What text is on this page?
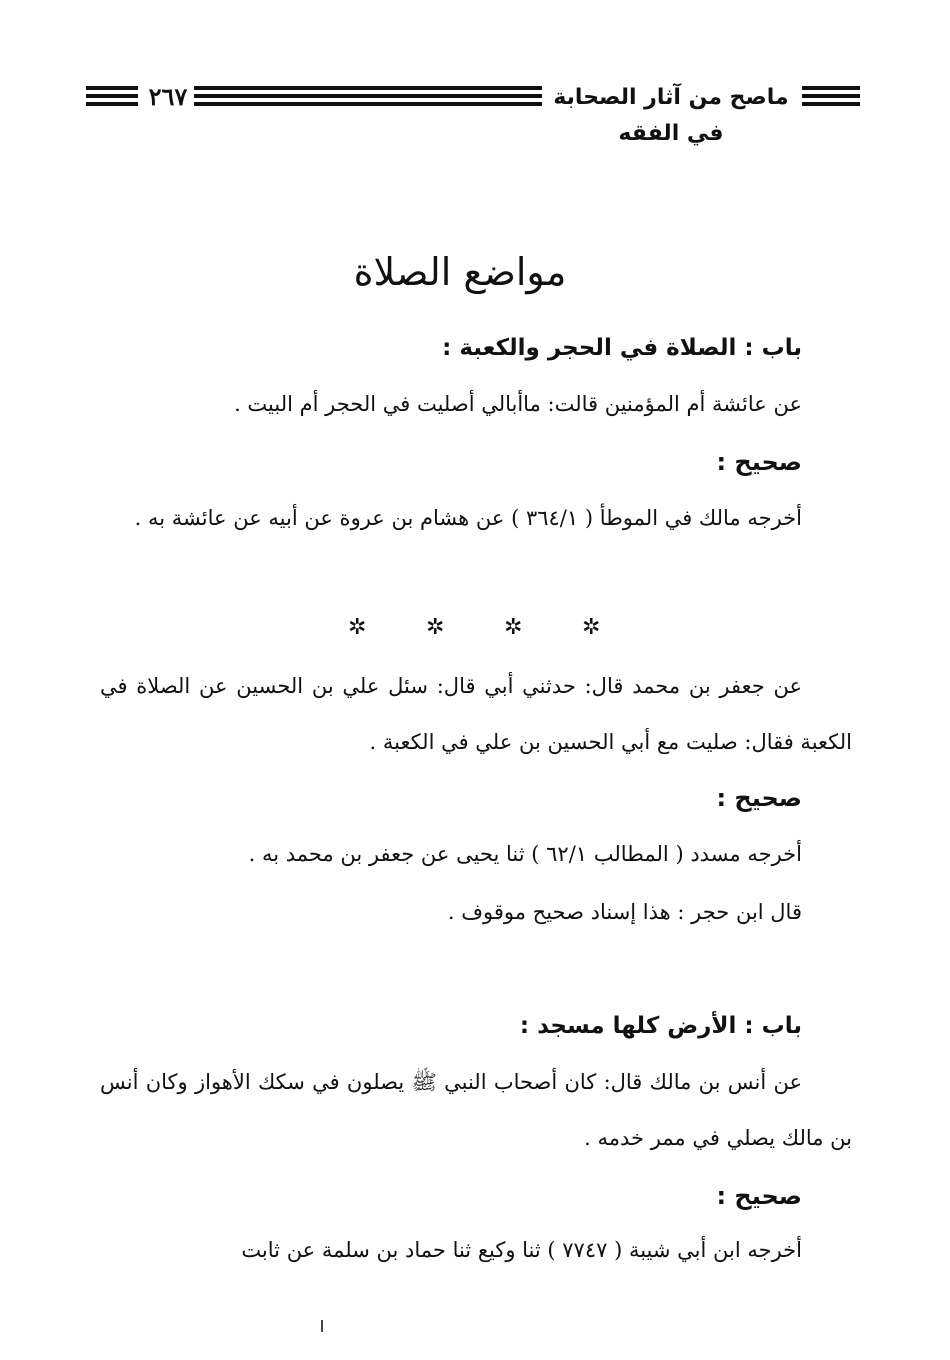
٢٦٧	ماصح من آثار الصحابة في الفقه
مواضع الصلاة
باب : الصلاة في الحجر والكعبة :
عن عائشة أم المؤمنين قالت: ماأبالي أصليت في الحجر أم البيت .
صحيح :
أخرجه مالك في الموطأ ( ٣٦٤/١ ) عن هشام بن عروة عن أبيه عن عائشة به .
✲	✲	✲	✲
عن جعفر بن محمد قال: حدثني أبي قال: سئل علي بن الحسين عن الصلاة في الكعبة فقال: صليت مع أبي الحسين بن علي في الكعبة .
صحيح :
أخرجه مسدد ( المطالب ٦٢/١ ) ثنا يحيى عن جعفر بن محمد به .
قال ابن حجر : هذا إسناد صحيح موقوف .
باب : الأرض كلها مسجد :
عن أنس بن مالك قال: كان أصحاب النبي ﷺ يصلون في سكك الأهواز وكان أنس بن مالك يصلي في ممر خدمه .
صحيح :
أخرجه ابن أبي شيبة ( ٧٧٤٧ ) ثنا وكيع ثنا حماد بن سلمة عن ثابت
